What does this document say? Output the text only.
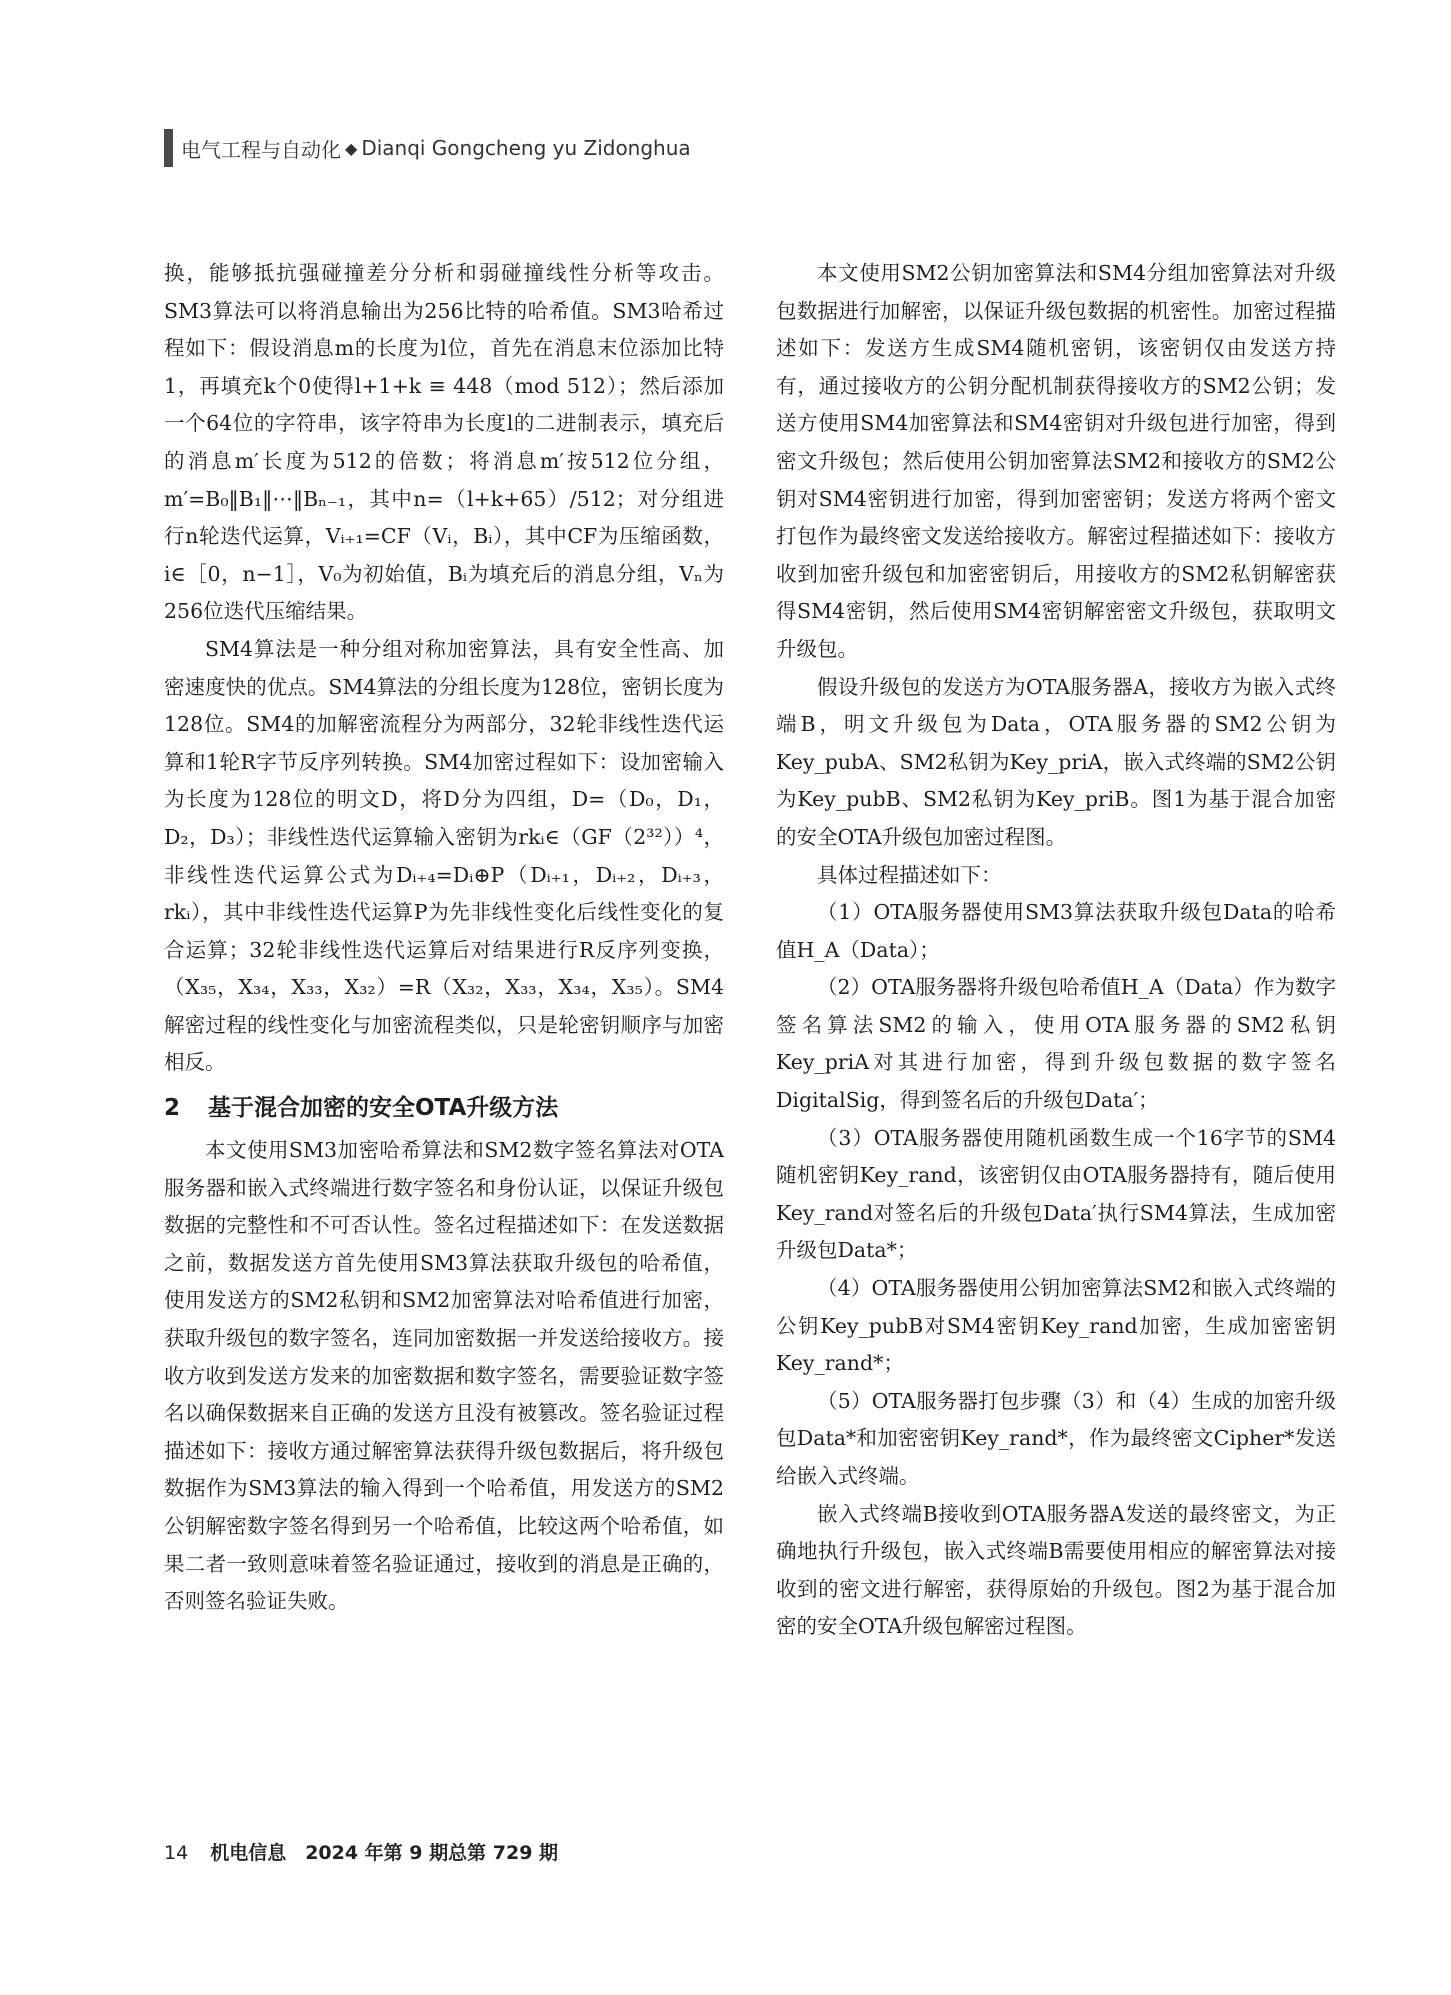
电气工程与自动化 ◆ Dianqi Gongcheng yu Zidonghua

换，能够抵抗强碰撞差分分析和弱碰撞线性分析等攻击。SM3算法可以将消息输出为256比特的哈希值。SM3哈希过程如下：假设消息m的长度为l位，首先在消息末位添加比特1，再填充k个0使得l+1+k ≡ 448（mod 512）；然后添加一个64位的字符串，该字符串为长度l的二进制表示，填充后的消息m′长度为512的倍数；将消息m′按512位分组，m′=B₀‖B₁‖⋯‖Bₙ₋₁，其中n=（l+k+65）/512；对分组进行n轮迭代运算，Vᵢ₊₁=CF（Vᵢ，Bᵢ），其中CF为压缩函数，i∈［0，n−1］，V₀为初始值，Bᵢ为填充后的消息分组，Vₙ为256位迭代压缩结果。

SM4算法是一种分组对称加密算法，具有安全性高、加密速度快的优点。SM4算法的分组长度为128位，密钥长度为128位。SM4的加解密流程分为两部分，32轮非线性迭代运算和1轮R字节反序列转换。SM4加密过程如下：设加密输入为长度为128位的明文D，将D分为四组，D=（D₀，D₁，D₂，D₃）；非线性迭代运算输入密钥为rkᵢ∈（GF（2³²））⁴，非线性迭代运算公式为Dᵢ₊₄=Dᵢ⊕P（Dᵢ₊₁，Dᵢ₊₂，Dᵢ₊₃，rkᵢ），其中非线性迭代运算P为先非线性变化后线性变化的复合运算；32轮非线性迭代运算后对结果进行R反序列变换，（X₃₅，X₃₄，X₃₃，X₃₂）=R（X₃₂，X₃₃，X₃₄，X₃₅）。SM4解密过程的线性变化与加密流程类似，只是轮密钥顺序与加密相反。

2 基于混合加密的安全OTA升级方法

本文使用SM3加密哈希算法和SM2数字签名算法对OTA服务器和嵌入式终端进行数字签名和身份认证，以保证升级包数据的完整性和不可否认性。签名过程描述如下：在发送数据之前，数据发送方首先使用SM3算法获取升级包的哈希值，使用发送方的SM2私钥和SM2加密算法对哈希值进行加密，获取升级包的数字签名，连同加密数据一并发送给接收方。接收方收到发送方发来的加密数据和数字签名，需要验证数字签名以确保数据来自正确的发送方且没有被篡改。签名验证过程描述如下：接收方通过解密算法获得升级包数据后，将升级包数据作为SM3算法的输入得到一个哈希值，用发送方的SM2公钥解密数字签名得到另一个哈希值，比较这两个哈希值，如果二者一致则意味着签名验证通过，接收到的消息是正确的，否则签名验证失败。

本文使用SM2公钥加密算法和SM4分组加密算法对升级包数据进行加解密，以保证升级包数据的机密性。加密过程描述如下：发送方生成SM4随机密钥，该密钥仅由发送方持有，通过接收方的公钥分配机制获得接收方的SM2公钥；发送方使用SM4加密算法和SM4密钥对升级包进行加密，得到密文升级包；然后使用公钥加密算法SM2和接收方的SM2公钥对SM4密钥进行加密，得到加密密钥；发送方将两个密文打包作为最终密文发送给接收方。解密过程描述如下：接收方收到加密升级包和加密密钥后，用接收方的SM2私钥解密获得SM4密钥，然后使用SM4密钥解密密文升级包，获取明文升级包。

假设升级包的发送方为OTA服务器A，接收方为嵌入式终端B，明文升级包为Data，OTA服务器的SM2公钥为Key_pubA、SM2私钥为Key_priA，嵌入式终端的SM2公钥为Key_pubB、SM2私钥为Key_priB。图1为基于混合加密的安全OTA升级包加密过程图。

具体过程描述如下：

（1）OTA服务器使用SM3算法获取升级包Data的哈希值H_A（Data）；

（2）OTA服务器将升级包哈希值H_A（Data）作为数字签名算法SM2的输入，使用OTA服务器的SM2私钥Key_priA对其进行加密，得到升级包数据的数字签名DigitalSig，得到签名后的升级包Data′；

（3）OTA服务器使用随机函数生成一个16字节的SM4随机密钥Key_rand，该密钥仅由OTA服务器持有，随后使用Key_rand对签名后的升级包Data′执行SM4算法，生成加密升级包Data*；

（4）OTA服务器使用公钥加密算法SM2和嵌入式终端的公钥Key_pubB对SM4密钥Key_rand加密，生成加密密钥Key_rand*；

（5）OTA服务器打包步骤（3）和（4）生成的加密升级包Data*和加密密钥Key_rand*，作为最终密文Cipher*发送给嵌入式终端。

嵌入式终端B接收到OTA服务器A发送的最终密文，为正确地执行升级包，嵌入式终端B需要使用相应的解密算法对接收到的密文进行解密，获得原始的升级包。图2为基于混合加密的安全OTA升级包解密过程图。

14 机电信息　2024 年第 9 期总第 729 期
